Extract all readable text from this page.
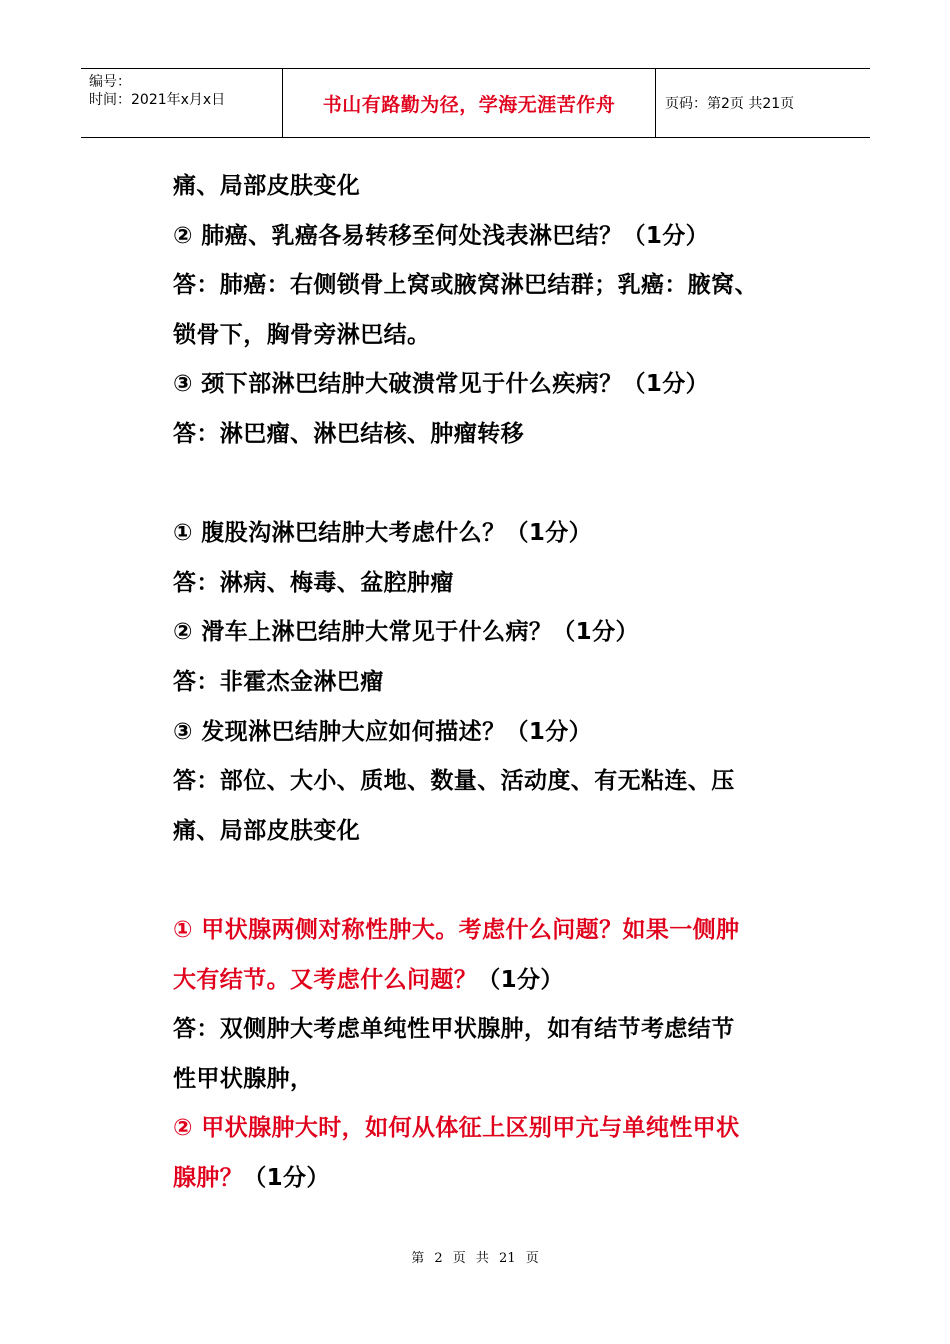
编号：
时间：2021年x月x日	书山有路勤为径，学海无涯苦作舟	页码：第2页 共21页
痛、局部皮肤变化
② 肺癌、乳癌各易转移至何处浅表淋巴结？（1分）
答：肺癌：右侧锁骨上窝或腋窝淋巴结群；乳癌：腋窝、
锁骨下，胸骨旁淋巴结。
③ 颈下部淋巴结肿大破溃常见于什么疾病？（1分）
答：淋巴瘤、淋巴结核、肿瘤转移
① 腹股沟淋巴结肿大考虑什么？（1分）
答：淋病、梅毒、盆腔肿瘤
② 滑车上淋巴结肿大常见于什么病？（1分）
答：非霍杰金淋巴瘤
③ 发现淋巴结肿大应如何描述？（1分）
答：部位、大小、质地、数量、活动度、有无粘连、压
痛、局部皮肤变化
① 甲状腺两侧对称性肿大。考虑什么问题？如果一侧肿
大有结节。又考虑什么问题？（1分）
答：双侧肿大考虑单纯性甲状腺肿，如有结节考虑结节
性甲状腺肿，
② 甲状腺肿大时，如何从体征上区别甲亢与单纯性甲状
腺肿？（1分）
第 2 页 共 21 页
